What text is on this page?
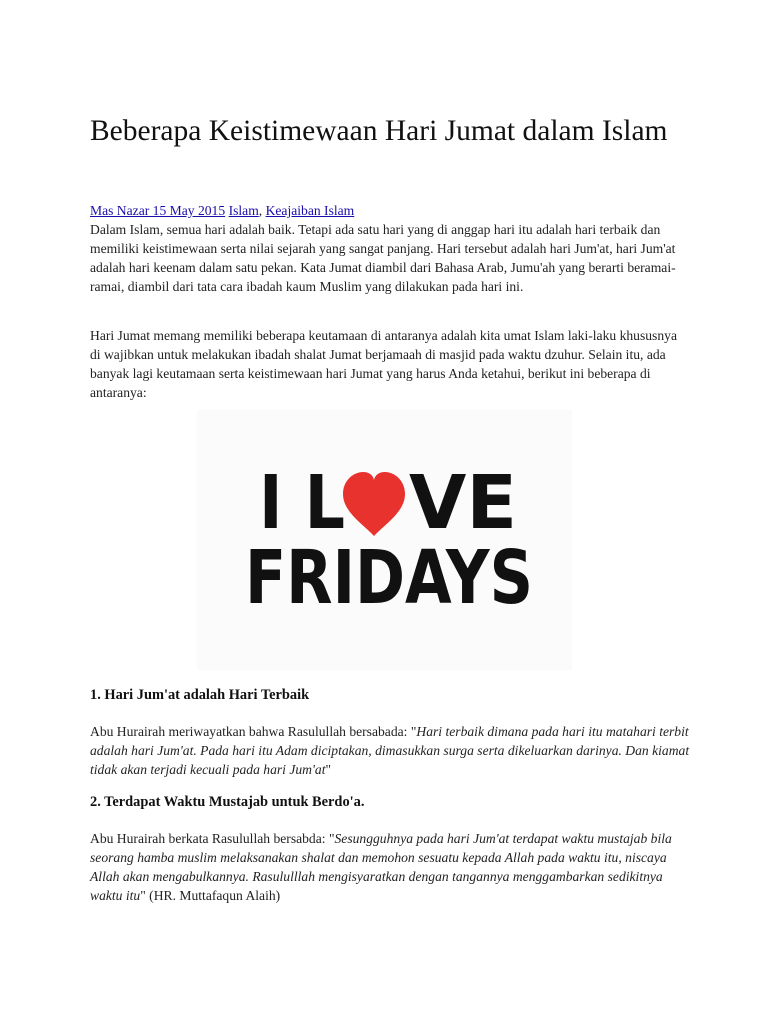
Beberapa Keistimewaan Hari Jumat dalam Islam
Mas Nazar 15 May 2015 Islam, Keajaiban Islam

Dalam Islam, semua hari adalah baik. Tetapi ada satu hari yang di anggap hari itu adalah hari terbaik dan memiliki keistimewaan serta nilai sejarah yang sangat panjang. Hari tersebut adalah hari Jum'at, hari Jum'at adalah hari keenam dalam satu pekan. Kata Jumat diambil dari Bahasa Arab, Jumu'ah yang berarti beramai-ramai, diambil dari tata cara ibadah kaum Muslim yang dilakukan pada hari ini.

Hari Jumat memang memiliki beberapa keutamaan di antaranya adalah kita umat Islam laki-laku khususnya di wajibkan untuk melakukan ibadah shalat Jumat berjamaah di masjid pada waktu dzuhur. Selain itu, ada banyak lagi keutamaan serta keistimewaan hari Jumat yang harus Anda ketahui, berikut ini beberapa di antaranya:

I L VE
FRIDAYS
1. Hari Jum'at adalah Hari Terbaik

Abu Hurairah meriwayatkan bahwa Rasulullah bersabada: "Hari terbaik dimana pada hari itu matahari terbit adalah hari Jum'at. Pada hari itu Adam diciptakan, dimasukkan surga serta dikeluarkan darinya. Dan kiamat tidak akan terjadi kecuali pada hari Jum'at"

2. Terdapat Waktu Mustajab untuk Berdo'a.

Abu Hurairah berkata Rasulullah bersabda: "Sesungguhnya pada hari Jum'at terdapat waktu mustajab bila seorang hamba muslim melaksanakan shalat dan memohon sesuatu kepada Allah pada waktu itu, niscaya Allah akan mengabulkannya. Rasululllah mengisyaratkan dengan tangannya menggambarkan sedikitnya waktu itu" (HR. Muttafaqun Alaih)
